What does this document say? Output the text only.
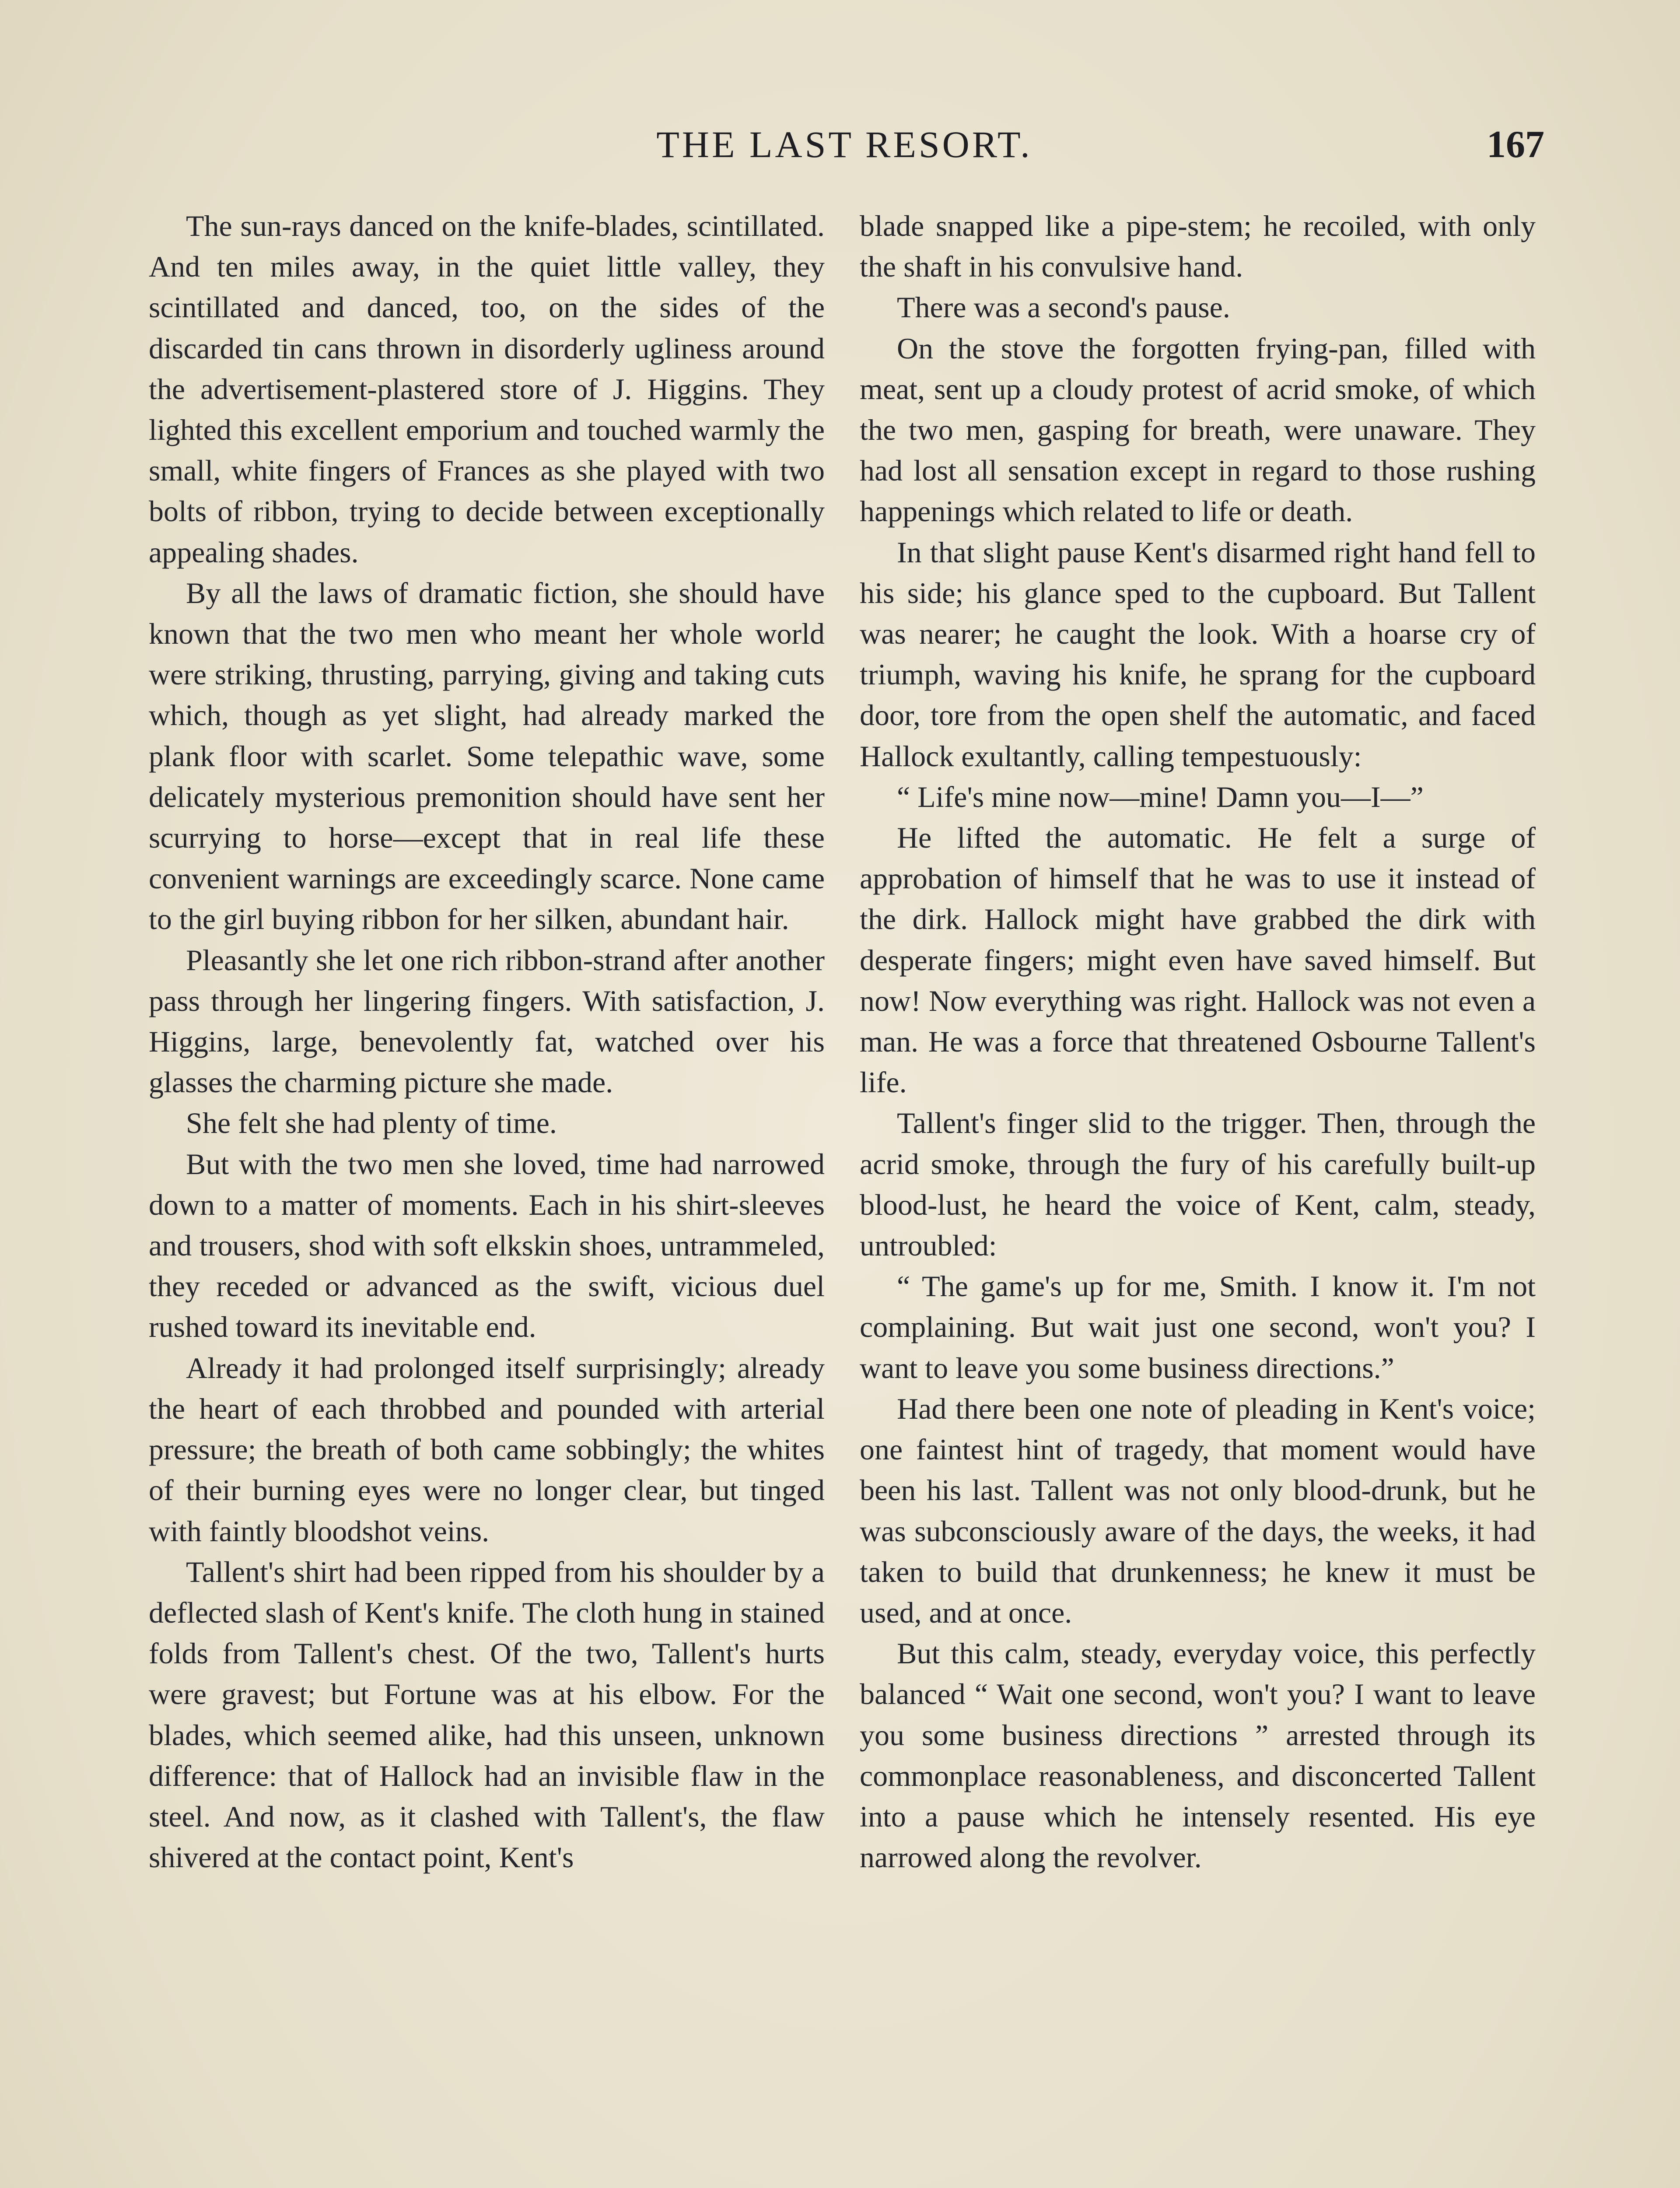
THE LAST RESORT.	167

The sun-rays danced on the knife-blades, scintillated. And ten miles away, in the quiet little valley, they scintillated and danced, too, on the sides of the discarded tin cans thrown in disorderly ugliness around the advertisement-plastered store of J. Higgins. They lighted this excellent emporium and touched warmly the small, white fingers of Frances as she played with two bolts of ribbon, trying to decide between exceptionally appealing shades.

By all the laws of dramatic fiction, she should have known that the two men who meant her whole world were striking, thrusting, parrying, giving and taking cuts which, though as yet slight, had already marked the plank floor with scarlet. Some telepathic wave, some delicately mysterious premonition should have sent her scurrying to horse—except that in real life these convenient warnings are exceedingly scarce. None came to the girl buying ribbon for her silken, abundant hair.

Pleasantly she let one rich ribbon-strand after another pass through her lingering fingers. With satisfaction, J. Higgins, large, benevolently fat, watched over his glasses the charming picture she made.

She felt she had plenty of time.

But with the two men she loved, time had narrowed down to a matter of moments. Each in his shirt-sleeves and trousers, shod with soft elkskin shoes, untrammeled, they receded or advanced as the swift, vicious duel rushed toward its inevitable end.

Already it had prolonged itself surprisingly; already the heart of each throbbed and pounded with arterial pressure; the breath of both came sobbingly; the whites of their burning eyes were no longer clear, but tinged with faintly bloodshot veins.

Tallent's shirt had been ripped from his shoulder by a deflected slash of Kent's knife. The cloth hung in stained folds from Tallent's chest. Of the two, Tallent's hurts were gravest; but Fortune was at his elbow. For the blades, which seemed alike, had this unseen, unknown difference: that of Hallock had an invisible flaw in the steel. And now, as it clashed with Tallent's, the flaw shivered at the contact point, Kent's

blade snapped like a pipe-stem; he recoiled, with only the shaft in his convulsive hand.

There was a second's pause.

On the stove the forgotten frying-pan, filled with meat, sent up a cloudy protest of acrid smoke, of which the two men, gasping for breath, were unaware. They had lost all sensation except in regard to those rushing happenings which related to life or death.

In that slight pause Kent's disarmed right hand fell to his side; his glance sped to the cupboard. But Tallent was nearer; he caught the look. With a hoarse cry of triumph, waving his knife, he sprang for the cupboard door, tore from the open shelf the automatic, and faced Hallock exultantly, calling tempestuously:

“ Life's mine now—mine! Damn you—I—”

He lifted the automatic. He felt a surge of approbation of himself that he was to use it instead of the dirk. Hallock might have grabbed the dirk with desperate fingers; might even have saved himself. But now! Now everything was right. Hallock was not even a man. He was a force that threatened Osbourne Tallent's life.

Tallent's finger slid to the trigger. Then, through the acrid smoke, through the fury of his carefully built-up blood-lust, he heard the voice of Kent, calm, steady, untroubled:

“ The game's up for me, Smith. I know it. I'm not complaining. But wait just one second, won't you? I want to leave you some business directions.”

Had there been one note of pleading in Kent's voice; one faintest hint of tragedy, that moment would have been his last. Tallent was not only blood-drunk, but he was subconsciously aware of the days, the weeks, it had taken to build that drunkenness; he knew it must be used, and at once.

But this calm, steady, everyday voice, this perfectly balanced “ Wait one second, won't you? I want to leave you some business directions ” arrested through its commonplace reasonableness, and disconcerted Tallent into a pause which he intensely resented. His eye narrowed along the revolver.
